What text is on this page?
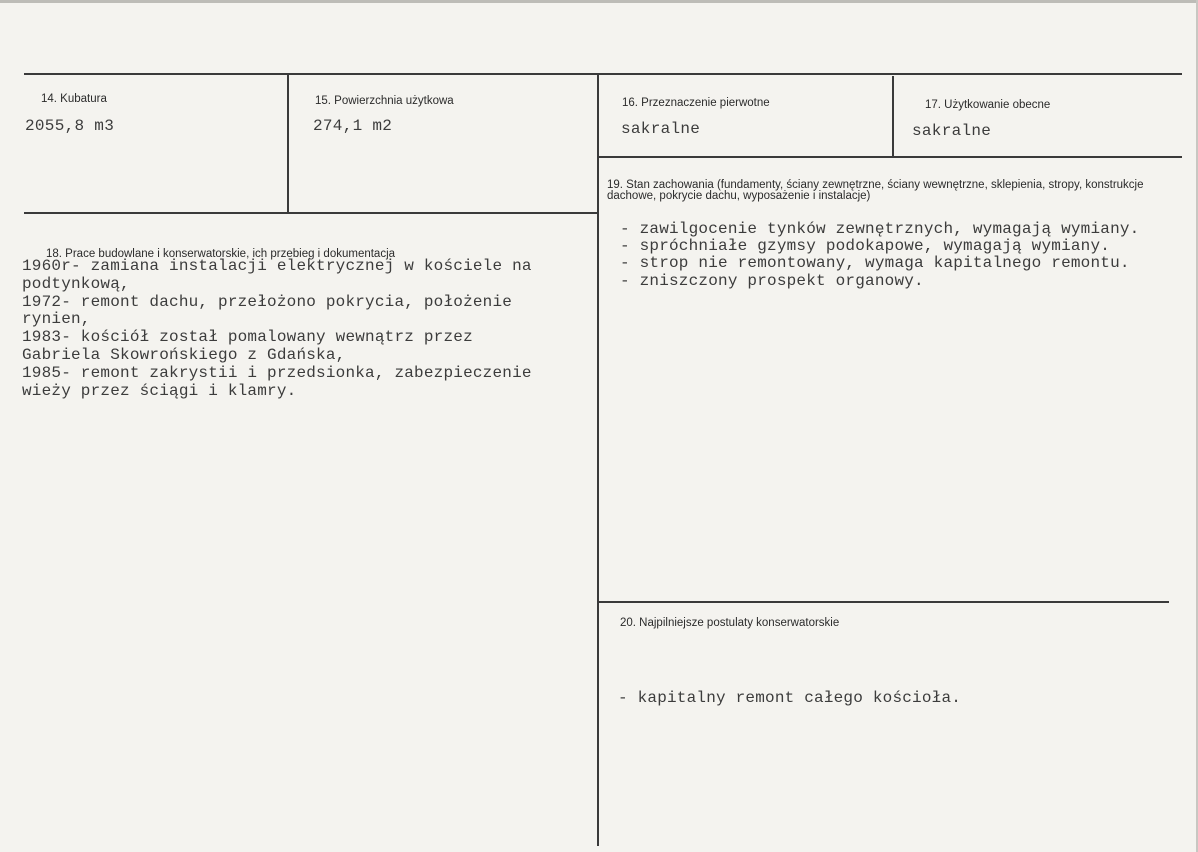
14. Kubatura
2055,8 m3
15. Powierzchnia użytkowa
274,1 m2
16. Przeznaczenie pierwotne
sakralne
17. Użytkowanie obecne
sakralne
18. Prace budowlane i konserwatorskie, ich przebieg i dokumentacja
1960r- zamiana instalacji elektrycznej w kościele na
podtynkową,
1972- remont dachu, przełożono pokrycia, położenie
rynien,
1983- kościół został pomalowany wewnątrz przez
Gabriela Skowrońskiego z Gdańska,
1985- remont zakrystii i przedsionka, zabezpieczenie
wieży przez ściągi i klamry.
19. Stan zachowania (fundamenty, ściany zewnętrzne, ściany wewnętrzne, sklepienia, stropy, konstrukcje dachowe, pokrycie dachu, wyposażenie i instalacje)
- zawilgocenie tynków zewnętrznych, wymagają wymiany.
- spróchniałe gzymsy podokapowe, wymagają wymiany.
- strop nie remontowany, wymaga kapitalnego remontu.
- zniszczony prospekt organowy.
20. Najpilniejsze postulaty konserwatorskie
- kapitalny remont całego kościoła.
